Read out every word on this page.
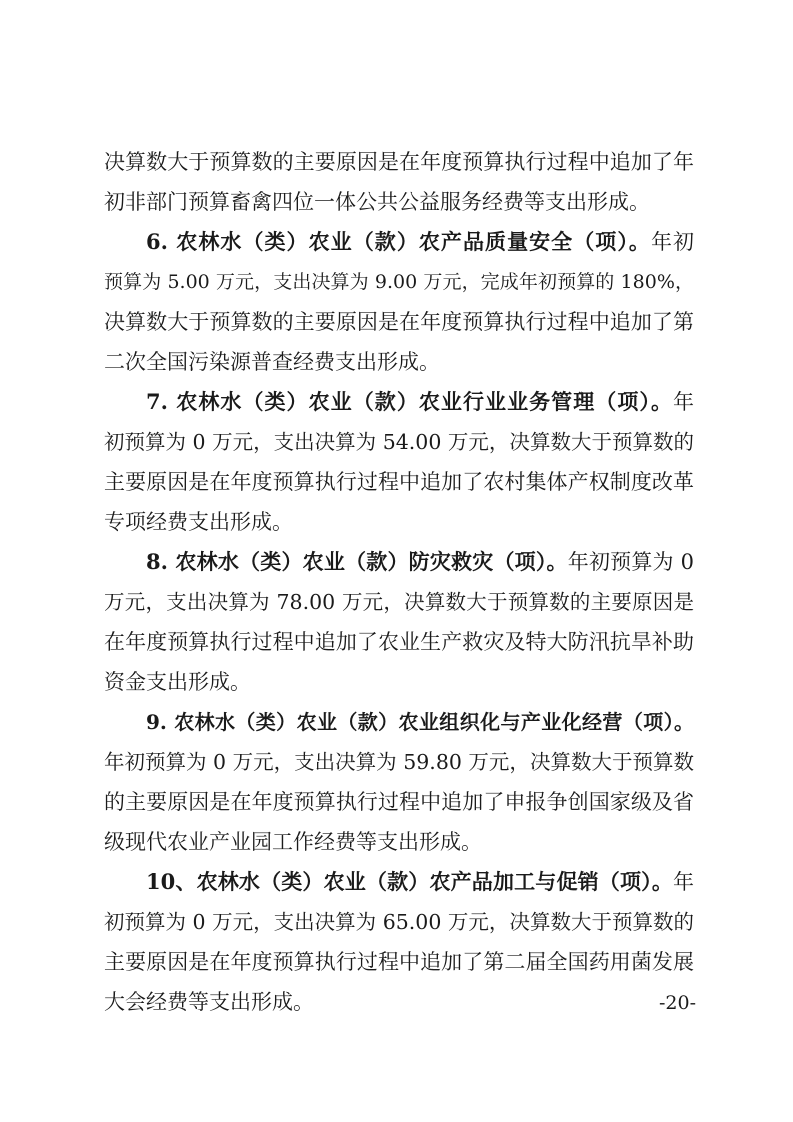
决算数大于预算数的主要原因是在年度预算执行过程中追加了年
初非部门预算畜禽四位一体公共公益服务经费等支出形成。
6. 农林水（类）农业（款）农产品质量安全（项）。年初
预算为 5.00 万元，支出决算为 9.00 万元，完成年初预算的 180%，
决算数大于预算数的主要原因是在年度预算执行过程中追加了第
二次全国污染源普查经费支出形成。
7. 农林水（类）农业（款）农业行业业务管理（项）。年
初预算为 0 万元，支出决算为 54.00 万元，决算数大于预算数的
主要原因是在年度预算执行过程中追加了农村集体产权制度改革
专项经费支出形成。
8. 农林水（类）农业（款）防灾救灾（项）。年初预算为 0
万元，支出决算为 78.00 万元，决算数大于预算数的主要原因是
在年度预算执行过程中追加了农业生产救灾及特大防汛抗旱补助
资金支出形成。
9. 农林水（类）农业（款）农业组织化与产业化经营（项）。
年初预算为 0 万元，支出决算为 59.80 万元，决算数大于预算数
的主要原因是在年度预算执行过程中追加了申报争创国家级及省
级现代农业产业园工作经费等支出形成。
10、农林水（类）农业（款）农产品加工与促销（项）。年
初预算为 0 万元，支出决算为 65.00 万元，决算数大于预算数的
主要原因是在年度预算执行过程中追加了第二届全国药用菌发展
大会经费等支出形成。	-20-
